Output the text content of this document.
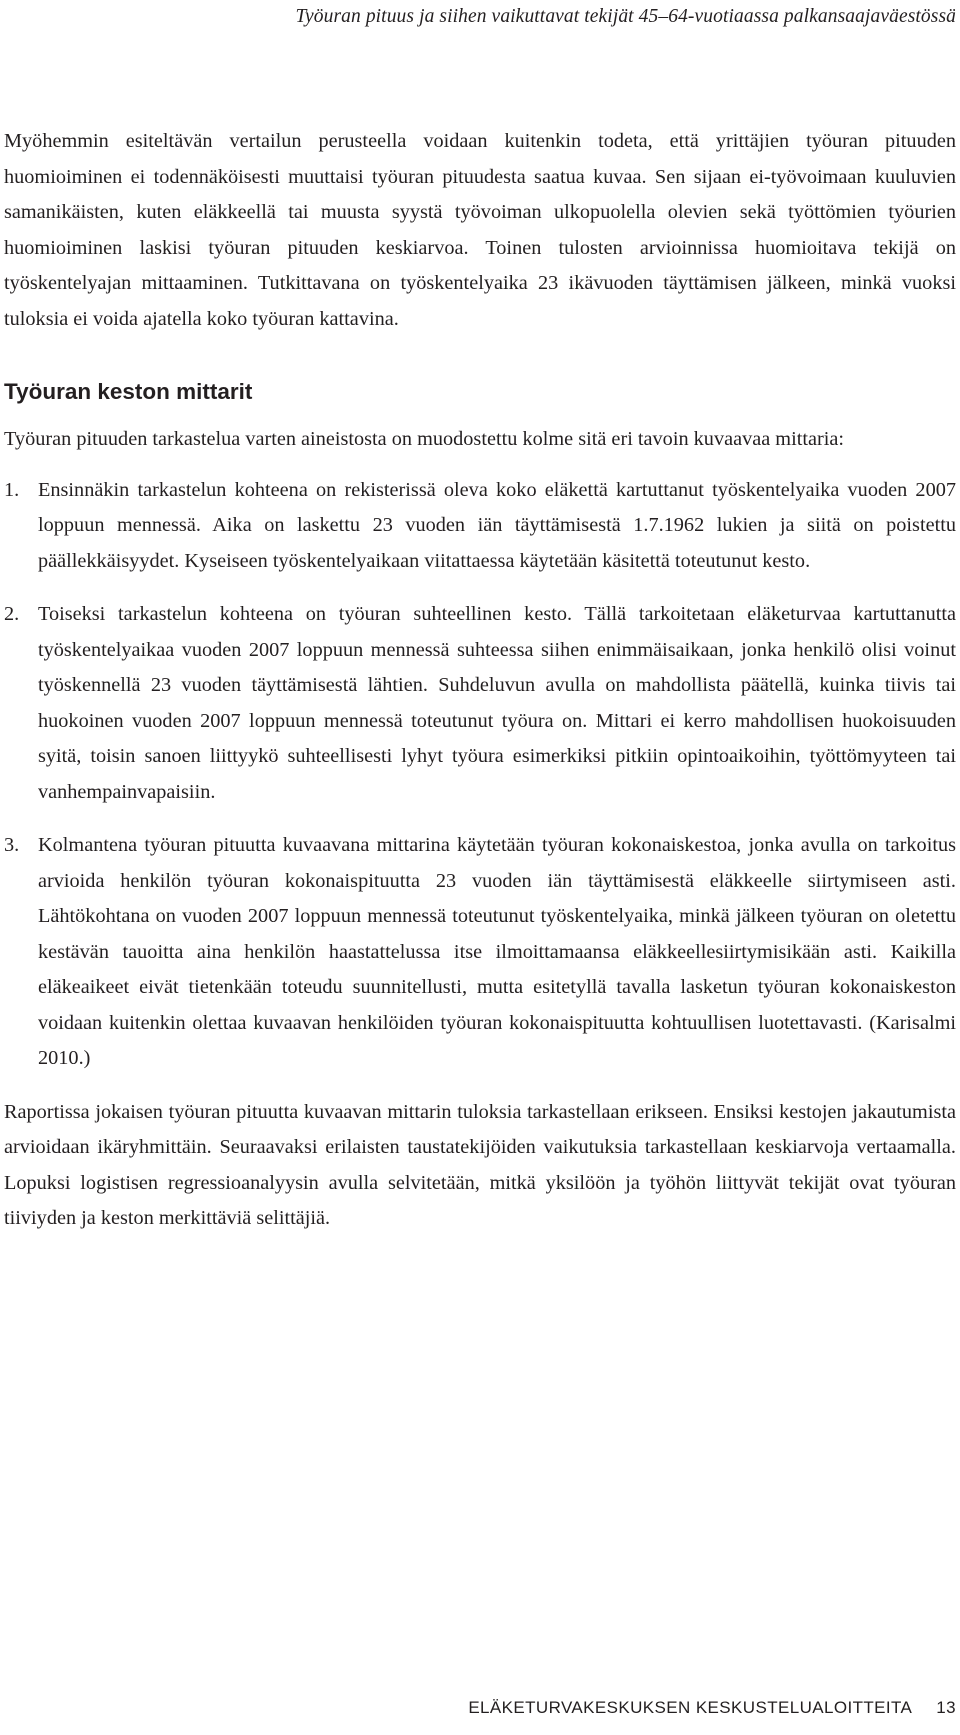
Työuran pituus ja siihen vaikuttavat tekijät 45–64-vuotiaassa palkansaajaväestössä

Myöhemmin esiteltävän vertailun perusteella voidaan kuitenkin todeta, että yrittäjien työuran pituuden huomioiminen ei todennäköisesti muuttaisi työuran pituudesta saatua kuvaa. Sen sijaan ei-työvoimaan kuuluvien samanikäisten, kuten eläkkeellä tai muusta syystä työvoiman ulkopuolella olevien sekä työttömien työurien huomioiminen laskisi työuran pituuden keskiarvoa. Toinen tulosten arvioinnissa huomioitava tekijä on työskentelyajan mittaaminen. Tutkittavana on työskentelyaika 23 ikävuoden täyttämisen jälkeen, minkä vuoksi tuloksia ei voida ajatella koko työuran kattavina.

Työuran keston mittarit

Työuran pituuden tarkastelua varten aineistosta on muodostettu kolme sitä eri tavoin kuvaavaa mittaria:

1. Ensinnäkin tarkastelun kohteena on rekisterissä oleva koko eläkettä kartuttanut työskentelyaika vuoden 2007 loppuun mennessä. Aika on laskettu 23 vuoden iän täyttämisestä 1.7.1962 lukien ja siitä on poistettu päällekkäisyydet. Kyseiseen työskentelyaikaan viitattaessa käytetään käsitettä toteutunut kesto.
2. Toiseksi tarkastelun kohteena on työuran suhteellinen kesto. Tällä tarkoitetaan eläketurvaa kartuttanutta työskentelyaikaa vuoden 2007 loppuun mennessä suhteessa siihen enimmäisaikaan, jonka henkilö olisi voinut työskennellä 23 vuoden täyttämisestä lähtien. Suhdeluvun avulla on mahdollista päätellä, kuinka tiivis tai huokoinen vuoden 2007 loppuun mennessä toteutunut työura on. Mittari ei kerro mahdollisen huokoisuuden syitä, toisin sanoen liittyykö suhteellisesti lyhyt työura esimerkiksi pitkiin opintoaikoihin, työttömyyteen tai vanhempainvapaisiin.
3. Kolmantena työuran pituutta kuvaavana mittarina käytetään työuran kokonaiskestoa, jonka avulla on tarkoitus arvioida henkilön työuran kokonaispituutta 23 vuoden iän täyttämisestä eläkkeelle siirtymiseen asti. Lähtökohtana on vuoden 2007 loppuun mennessä toteutunut työskentelyaika, minkä jälkeen työuran on oletettu kestävän tauoitta aina henkilön haastattelussa itse ilmoittamaansa eläkkeellesiirtymisikään asti. Kaikilla eläkeaikeet eivät tietenkään toteudu suunnitellusti, mutta esitetyllä tavalla lasketun työuran kokonaiskeston voidaan kuitenkin olettaa kuvaavan henkilöiden työuran kokonaispituutta kohtuullisen luotettavasti. (Karisalmi 2010.)

Raportissa jokaisen työuran pituutta kuvaavan mittarin tuloksia tarkastellaan erikseen. Ensiksi kestojen jakautumista arvioidaan ikäryhmittäin. Seuraavaksi erilaisten taustatekijöiden vaikutuksia tarkastellaan keskiarvoja vertaamalla. Lopuksi logistisen regressioanalyysin avulla selvitetään, mitkä yksilöön ja työhön liittyvät tekijät ovat työuran tiiviyden ja keston merkittäviä selittäjiä.

ELÄKETURVAKESKUKSEN KESKUSTELUALOITTEITA 13
